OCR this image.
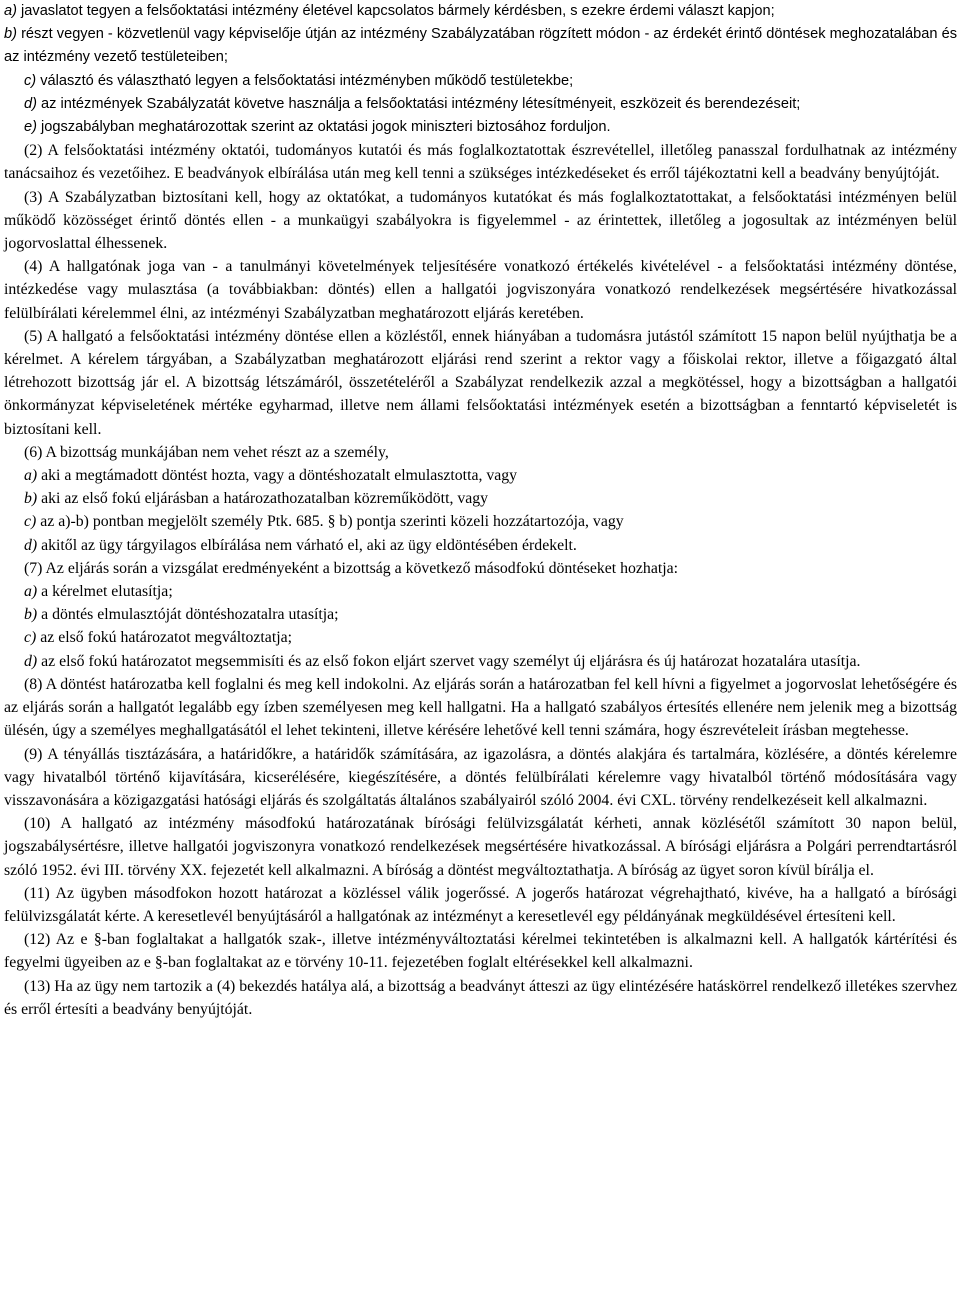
a) javaslatot tegyen a felsőoktatási intézmény életével kapcsolatos bármely kérdésben, s ezekre érdemi választ kapjon;

b) részt vegyen - közvetlenül vagy képviselője útján az intézmény Szabályzatában rögzített módon - az érdekét érintő döntések meghozatalában és az intézmény vezető testületeiben;

c) választó és választható legyen a felsőoktatási intézményben működő testületekbe;

d) az intézmények Szabályzatát követve használja a felsőoktatási intézmény létesítményeit, eszközeit és berendezéseit;

e) jogszabályban meghatározottak szerint az oktatási jogok miniszteri biztosához forduljon.

(2) A felsőoktatási intézmény oktatói, tudományos kutatói és más foglalkoztatottak észrevétellel, illetőleg panasszal fordulhatnak az intézmény tanácsaihoz és vezetőihez. E beadványok elbírálása után meg kell tenni a szükséges intézkedéseket és erről tájékoztatni kell a beadvány benyújtóját.

(3) A Szabályzatban biztosítani kell, hogy az oktatókat, a tudományos kutatókat és más foglalkoztatottakat, a felsőoktatási intézményen belül működő közösséget érintő döntés ellen - a munkaügyi szabályokra is figyelemmel - az érintettek, illetőleg a jogosultak az intézményen belül jogorvoslattal élhessenek.

(4) A hallgatónak joga van - a tanulmányi követelmények teljesítésére vonatkozó értékelés kivételével - a felsőoktatási intézmény döntése, intézkedése vagy mulasztása (a továbbiakban: döntés) ellen a hallgatói jogviszonyára vonatkozó rendelkezések megsértésére hivatkozással felülbírálati kérelemmel élni, az intézményi Szabályzatban meghatározott eljárás keretében.

(5) A hallgató a felsőoktatási intézmény döntése ellen a közléstől, ennek hiányában a tudomásra jutástól számított 15 napon belül nyújthatja be a kérelmet. A kérelem tárgyában, a Szabályzatban meghatározott eljárási rend szerint a rektor vagy a főiskolai rektor, illetve a főigazgató által létrehozott bizottság jár el. A bizottság létszámáról, összetételéről a Szabályzat rendelkezik azzal a megkötéssel, hogy a bizottságban a hallgatói önkormányzat képviseletének mértéke egyharmad, illetve nem állami felsőoktatási intézmények esetén a bizottságban a fenntartó képviseletét is biztosítani kell.

(6) A bizottság munkájában nem vehet részt az a személy,

a) aki a megtámadott döntést hozta, vagy a döntéshozatalt elmulasztotta, vagy

b) aki az első fokú eljárásban a határozathozatalban közreműködött, vagy

c) az a)-b) pontban megjelölt személy Ptk. 685. § b) pontja szerinti közeli hozzátartozója, vagy

d) akitől az ügy tárgyilagos elbírálása nem várható el, aki az ügy eldöntésében érdekelt.

(7) Az eljárás során a vizsgálat eredményeként a bizottság a következő másodfokú döntéseket hozhatja:

a) a kérelmet elutasítja;

b) a döntés elmulasztóját döntéshozatalra utasítja;

c) az első fokú határozatot megváltoztatja;

d) az első fokú határozatot megsemmisíti és az első fokon eljárt szervet vagy személyt új eljárásra és új határozat hozatalára utasítja.

(8) A döntést határozatba kell foglalni és meg kell indokolni. Az eljárás során a határozatban fel kell hívni a figyelmet a jogorvoslat lehetőségére és az eljárás során a hallgatót legalább egy ízben személyesen meg kell hallgatni. Ha a hallgató szabályos értesítés ellenére nem jelenik meg a bizottság ülésén, úgy a személyes meghallgatásától el lehet tekinteni, illetve kérésére lehetővé kell tenni számára, hogy észrevételeit írásban megtehesse.

(9) A tényállás tisztázására, a határidőkre, a határidők számítására, az igazolásra, a döntés alakjára és tartalmára, közlésére, a döntés kérelemre vagy hivatalból történő kijavítására, kicserélésére, kiegészítésére, a döntés felülbírálati kérelemre vagy hivatalból történő módosítására vagy visszavonására a közigazgatási hatósági eljárás és szolgáltatás általános szabályairól szóló 2004. évi CXL. törvény rendelkezéseit kell alkalmazni.

(10) A hallgató az intézmény másodfokú határozatának bírósági felülvizsgálatát kérheti, annak közlésétől számított 30 napon belül, jogszabálysértésre, illetve hallgatói jogviszonyra vonatkozó rendelkezések megsértésére hivatkozással. A bírósági eljárásra a Polgári perrendtartásról szóló 1952. évi III. törvény XX. fejezetét kell alkalmazni. A bíróság a döntést megváltoztathatja. A bíróság az ügyet soron kívül bírálja el.

(11) Az ügyben másodfokon hozott határozat a közléssel válik jogerőssé. A jogerős határozat végrehajtható, kivéve, ha a hallgató a bírósági felülvizsgálatát kérte. A keresetlevél benyújtásáról a hallgatónak az intézményt a keresetlevél egy példányának megküldésével értesíteni kell.

(12) Az e §-ban foglaltakat a hallgatók szak-, illetve intézményváltoztatási kérelmei tekintetében is alkalmazni kell. A hallgatók kártérítési és fegyelmi ügyeiben az e §-ban foglaltakat az e törvény 10-11. fejezetében foglalt eltérésekkel kell alkalmazni.

(13) Ha az ügy nem tartozik a (4) bekezdés hatálya alá, a bizottság a beadványt átteszi az ügy elintézésére hatáskörrel rendelkező illetékes szervhez és erről értesíti a beadvány benyújtóját.
